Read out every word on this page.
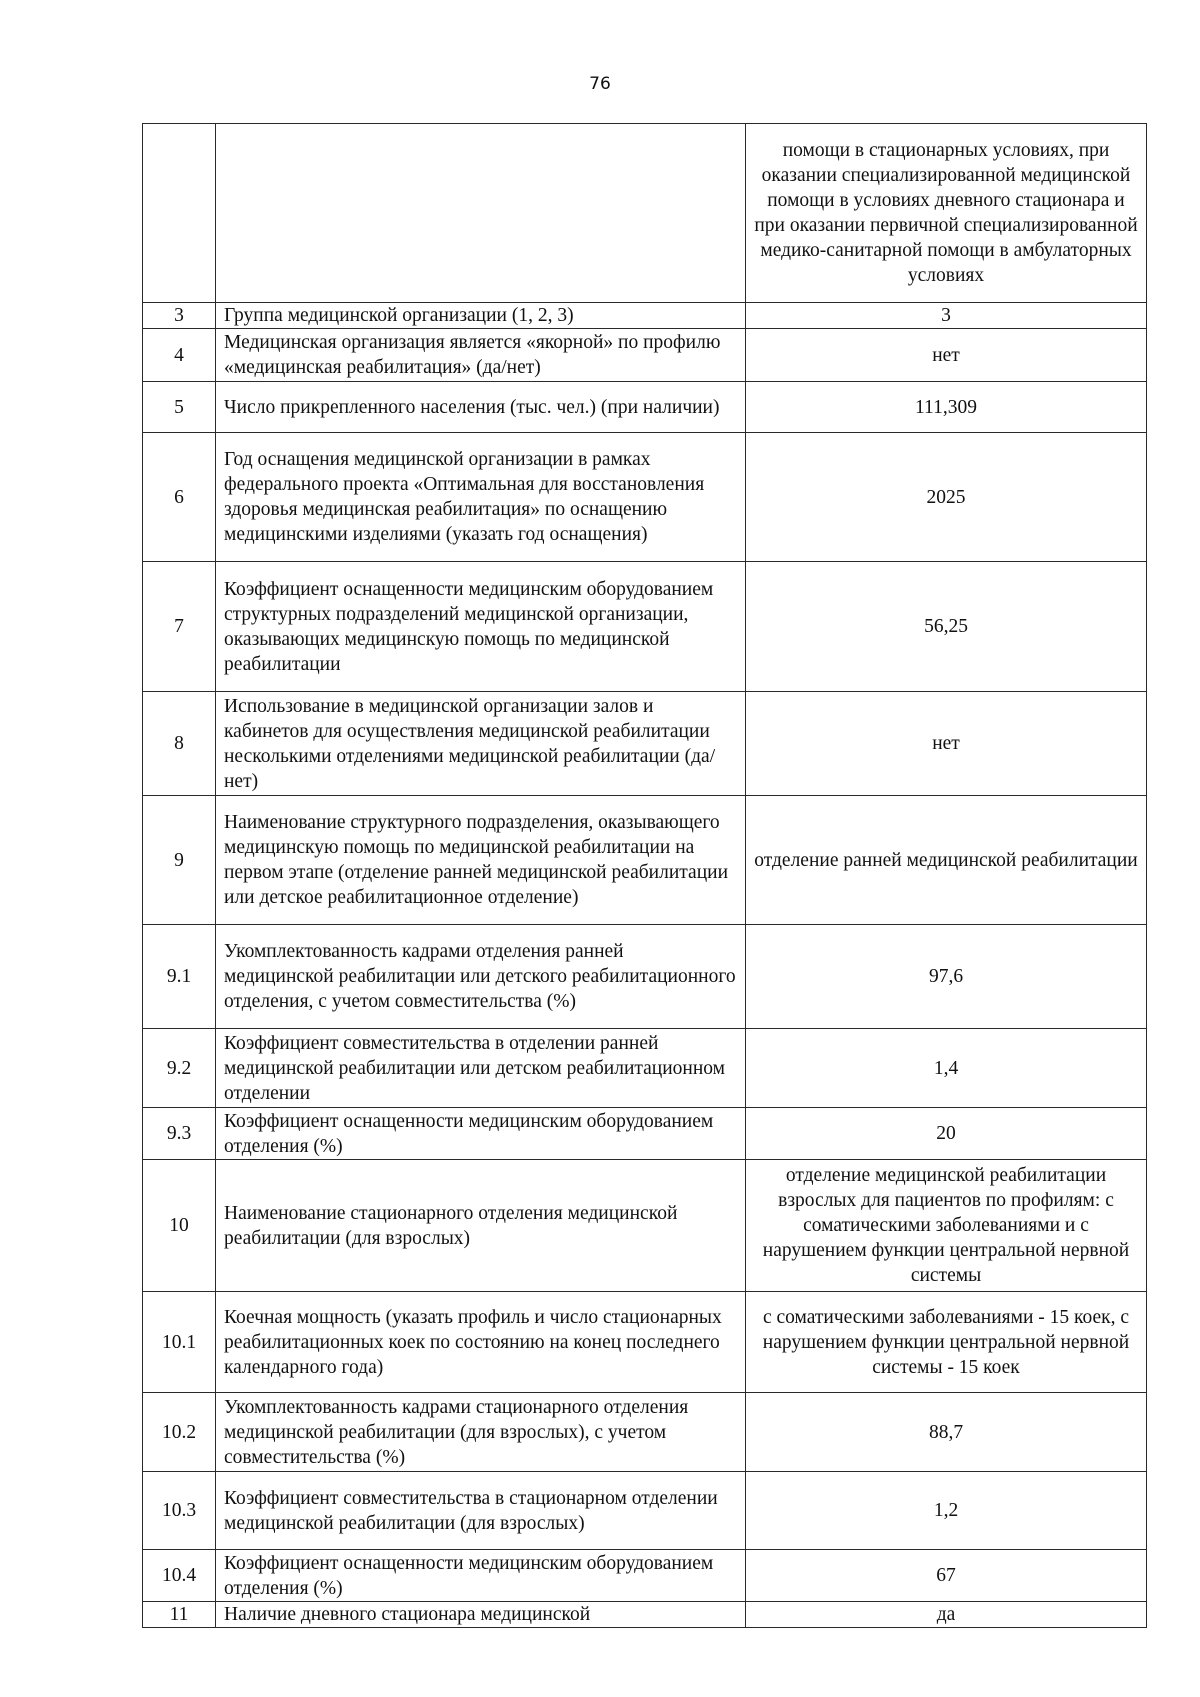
76
		помощи в стационарных условиях, при оказании специализированной медицинской помощи в условиях дневного стационара и при оказании первичной специализированной медико-санитарной помощи в амбулаторных условиях
3	Группа медицинской организации (1, 2, 3)	3
4	Медицинская организация является «якорной» по профилю «медицинская реабилитация» (да/нет)	нет
5	Число прикрепленного населения (тыс. чел.) (при наличии)	111,309
6	Год оснащения медицинской организации в рамках федерального проекта «Оптимальная для восстановления здоровья медицинская реабилитация» по оснащению медицинскими изделиями (указать год оснащения)	2025
7	Коэффициент оснащенности медицинским оборудованием структурных подразделений медицинской организации, оказывающих медицинскую помощь по медицинской реабилитации	56,25
8	Использование в медицинской организации залов и кабинетов для осуществления медицинской реабилитации несколькими отделениями медицинской реабилитации (да/нет)	нет
9	Наименование структурного подразделения, оказывающего медицинскую помощь по медицинской реабилитации на первом этапе (отделение ранней медицинской реабилитации или детское реабилитационное отделение)	отделение ранней медицинской реабилитации
9.1	Укомплектованность кадрами отделения ранней медицинской реабилитации или детского реабилитационного отделения, с учетом совместительства (%)	97,6
9.2	Коэффициент совместительства в отделении ранней медицинской реабилитации или детском реабилитационном отделении	1,4
9.3	Коэффициент оснащенности медицинским оборудованием отделения (%)	20
10	Наименование стационарного отделения медицинской реабилитации (для взрослых)	отделение медицинской реабилитации взрослых для пациентов по профилям: с соматическими заболеваниями и с нарушением функции центральной нервной системы
10.1	Коечная мощность (указать профиль и число стационарных реабилитационных коек по состоянию на конец последнего календарного года)	с соматическими заболеваниями - 15 коек, с нарушением функции центральной нервной системы - 15 коек
10.2	Укомплектованность кадрами стационарного отделения медицинской реабилитации (для взрослых), с учетом совместительства (%)	88,7
10.3	Коэффициент совместительства в стационарном отделении медицинской реабилитации (для взрослых)	1,2
10.4	Коэффициент оснащенности медицинским оборудованием отделения (%)	67
11	Наличие дневного стационара медицинской	да
